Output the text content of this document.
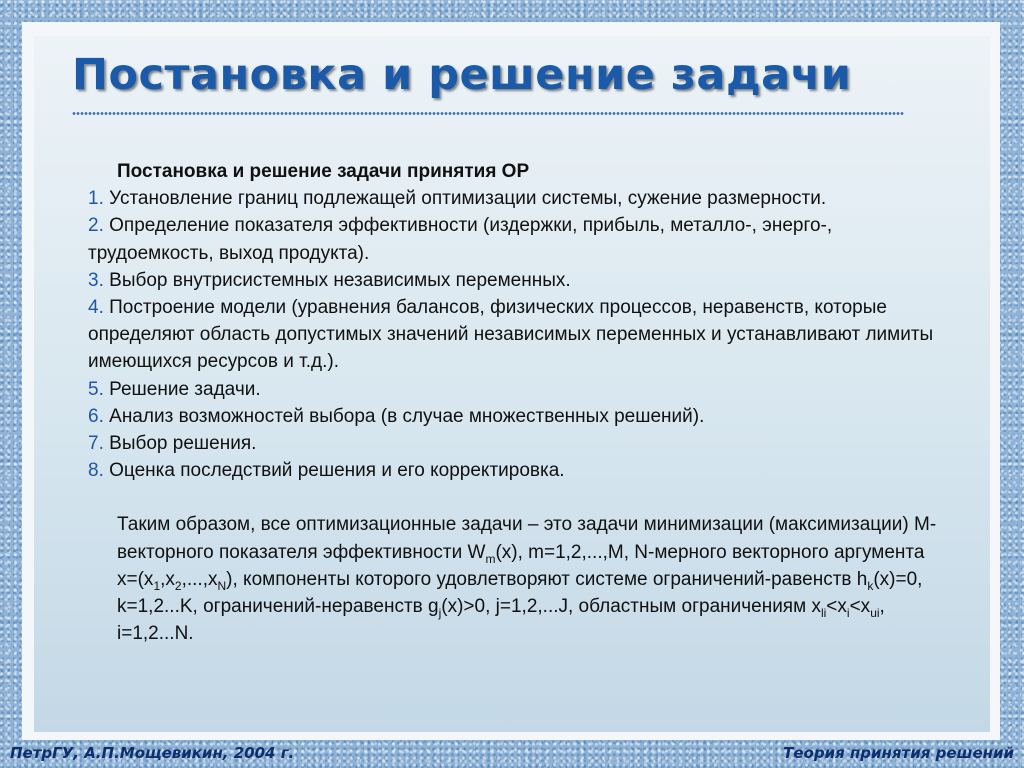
Постановка и решение задачи

Постановка и решение задачи принятия ОР

1. Установление границ подлежащей оптимизации системы, сужение размерности.

2. Определение показателя эффективности (издержки, прибыль, металло-, энерго-, трудоемкость, выход продукта).

3. Выбор внутрисистемных независимых переменных.

4. Построение модели (уравнения балансов, физических процессов, неравенств, которые определяют область допустимых значений независимых переменных и устанавливают лимиты имеющихся ресурсов и т.д.).

5. Решение задачи.

6. Анализ возможностей выбора (в случае множественных решений).

7. Выбор решения.

8. Оценка последствий решения и его корректировка.

Таким образом, все оптимизационные задачи – это задачи минимизации (максимизации) М-векторного показателя эффективности $W_m(x)$, m=1,2,...,M, N-мерного векторного аргумента $x=(x_1,x_2,...,x_N)$, компоненты которого удовлетворяют системе ограничений-равенств $h_k(x)=0$, k=1,2...K, ограничений-неравенств $g_j(x)>0$, j=1,2,...J, областным ограничениям $x_{li}<x_i<x_{ui}$, i=1,2...N.

ПетрГУ, А.П.Мощевикин, 2004 г.	Теория принятия решений
